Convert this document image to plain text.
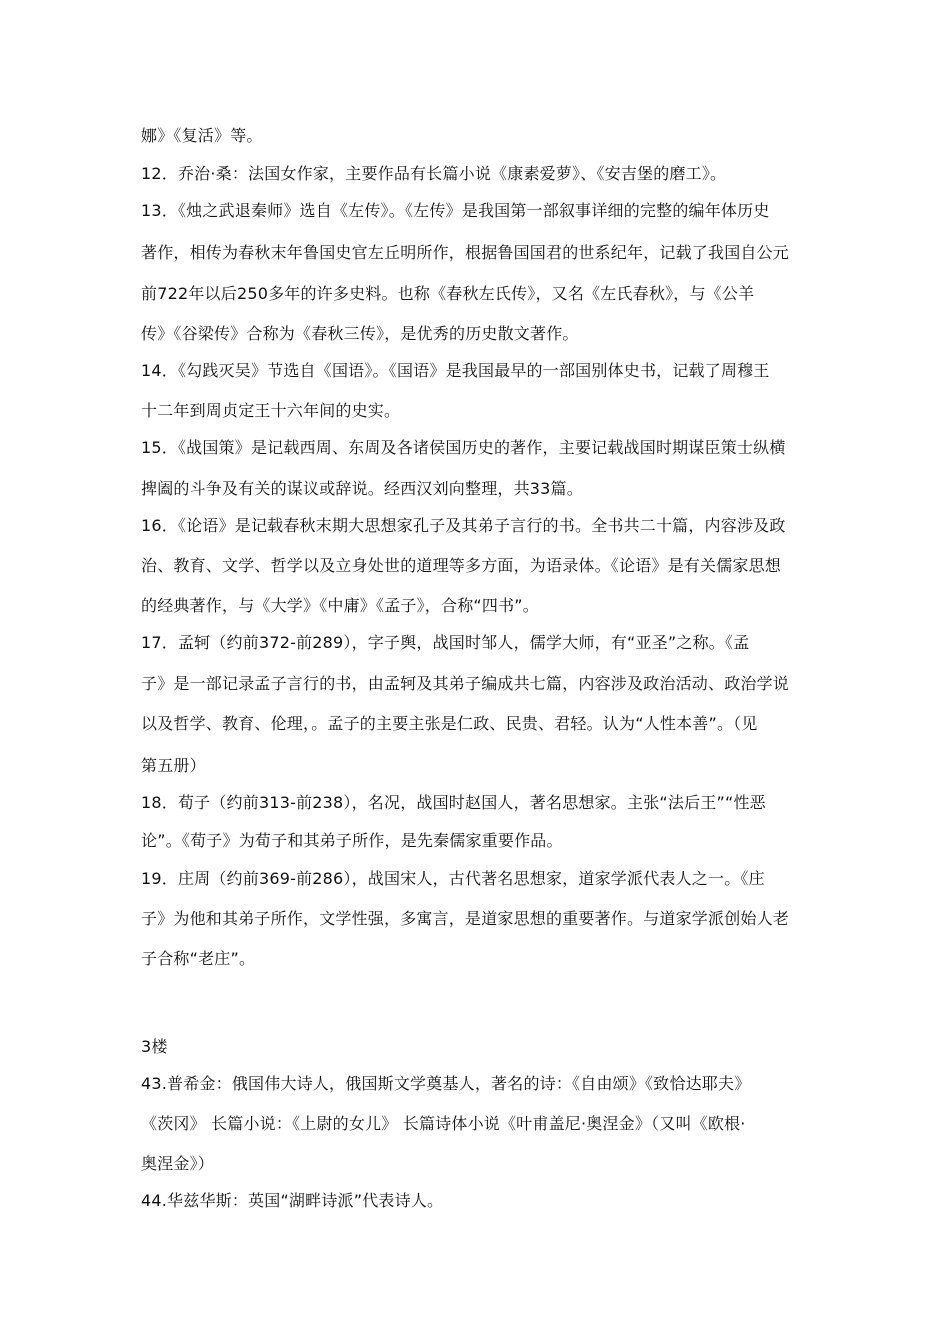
娜》《复活》等。
12．乔治·桑：法国女作家，主要作品有长篇小说《康素爱萝》、《安吉堡的磨工》。
13．《烛之武退秦师》选自《左传》。《左传》是我国第一部叙事详细的完整的编年体历史
著作，相传为春秋末年鲁国史官左丘明所作，根据鲁国国君的世系纪年，记载了我国自公元
前722年以后250多年的许多史料。也称《春秋左氏传》，又名《左氏春秋》，与《公羊
传》《谷梁传》合称为《春秋三传》，是优秀的历史散文著作。
14．《勾践灭吴》节选自《国语》。《国语》是我国最早的一部国别体史书，记载了周穆王
十二年到周贞定王十六年间的史实。
15．《战国策》是记载西周、东周及各诸侯国历史的著作，主要记载战国时期谋臣策士纵横
捭阖的斗争及有关的谋议或辞说。经西汉刘向整理，共33篇。
16．《论语》是记载春秋末期大思想家孔子及其弟子言行的书。全书共二十篇，内容涉及政
治、教育、文学、哲学以及立身处世的道理等多方面，为语录体。《论语》是有关儒家思想
的经典著作，与《大学》《中庸》《孟子》，合称“四书”。
17．孟轲（约前372-前289），字子舆，战国时邹人，儒学大师，有“亚圣”之称。《孟
子》是一部记录孟子言行的书，由孟轲及其弟子编成共七篇，内容涉及政治活动、政治学说
以及哲学、教育、伦理，。孟子的主要主张是仁政、民贵、君轻。认为“人性本善”。（见
第五册）
18．荀子（约前313-前238），名况，战国时赵国人，著名思想家。主张“法后王”“性恶
论”。《荀子》为荀子和其弟子所作，是先秦儒家重要作品。
19．庄周（约前369-前286），战国宋人，古代著名思想家，道家学派代表人之一。《庄
子》为他和其弟子所作，文学性强，多寓言，是道家思想的重要著作。与道家学派创始人老
子合称“老庄”。
3楼
43.普希金：俄国伟大诗人，俄国斯文学奠基人，著名的诗：《自由颂》《致恰达耶夫》
《茨冈》 长篇小说：《上尉的女儿》 长篇诗体小说《叶甫盖尼·奥涅金》（又叫《欧根·
奥涅金》）
44.华兹华斯：英国“湖畔诗派”代表诗人。
